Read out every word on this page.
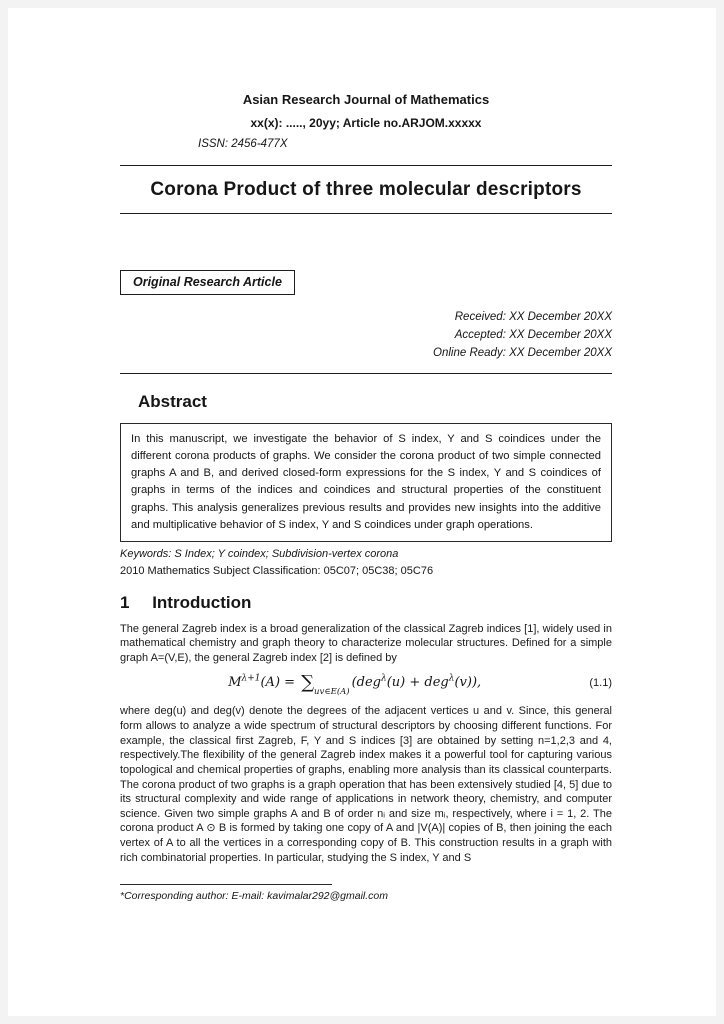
Asian Research Journal of Mathematics
xx(x): ....., 20yy; Article no.ARJOM.xxxxx
ISSN: 2456-477X
Corona Product of three molecular descriptors
Original Research Article
Received: XX December 20XX
Accepted: XX December 20XX
Online Ready: XX December 20XX
Abstract

In this manuscript, we investigate the behavior of S index, Y and S coindices under the different corona products of graphs. We consider the corona product of two simple connected graphs A and B, and derived closed-form expressions for the S index, Y and S coindices of graphs in terms of the indices and coindices and structural properties of the constituent graphs. This analysis generalizes previous results and provides new insights into the additive and multiplicative behavior of S index, Y and S coindices under graph operations.

Keywords: S Index; Y coindex; Subdivision-vertex corona

2010 Mathematics Subject Classification: 05C07; 05C38; 05C76

1 Introduction

The general Zagreb index is a broad generalization of the classical Zagreb indices [1], widely used in mathematical chemistry and graph theory to characterize molecular structures. Defined for a simple graph A=(V,E), the general Zagreb index [2] is defined by

$M^{\lambda+1}(A) = \sum_{uv\in E(A)}(deg^\lambda(u) + deg^\lambda(v))$,	(1.1)

where deg(u) and deg(v) denote the degrees of the adjacent vertices u and v. Since, this general form allows to analyze a wide spectrum of structural descriptors by choosing different functions. For example, the classical first Zagreb, F, Y and S indices [3] are obtained by setting n=1,2,3 and 4, respectively.The flexibility of the general Zagreb index makes it a powerful tool for capturing various topological and chemical properties of graphs, enabling more analysis than its classical counterparts. The corona product of two graphs is a graph operation that has been extensively studied [4, 5] due to its structural complexity and wide range of applications in network theory, chemistry, and computer science. Given two simple graphs A and B of order nᵢ and size mᵢ, respectively, where i = 1, 2. The corona product A ⊙ B is formed by taking one copy of A and |V(A)| copies of B, then joining the each vertex of A to all the vertices in a corresponding copy of B. This construction results in a graph with rich combinatorial properties. In particular, studying the S index, Y and S

*Corresponding author: E-mail: kavimalar292@gmail.com
